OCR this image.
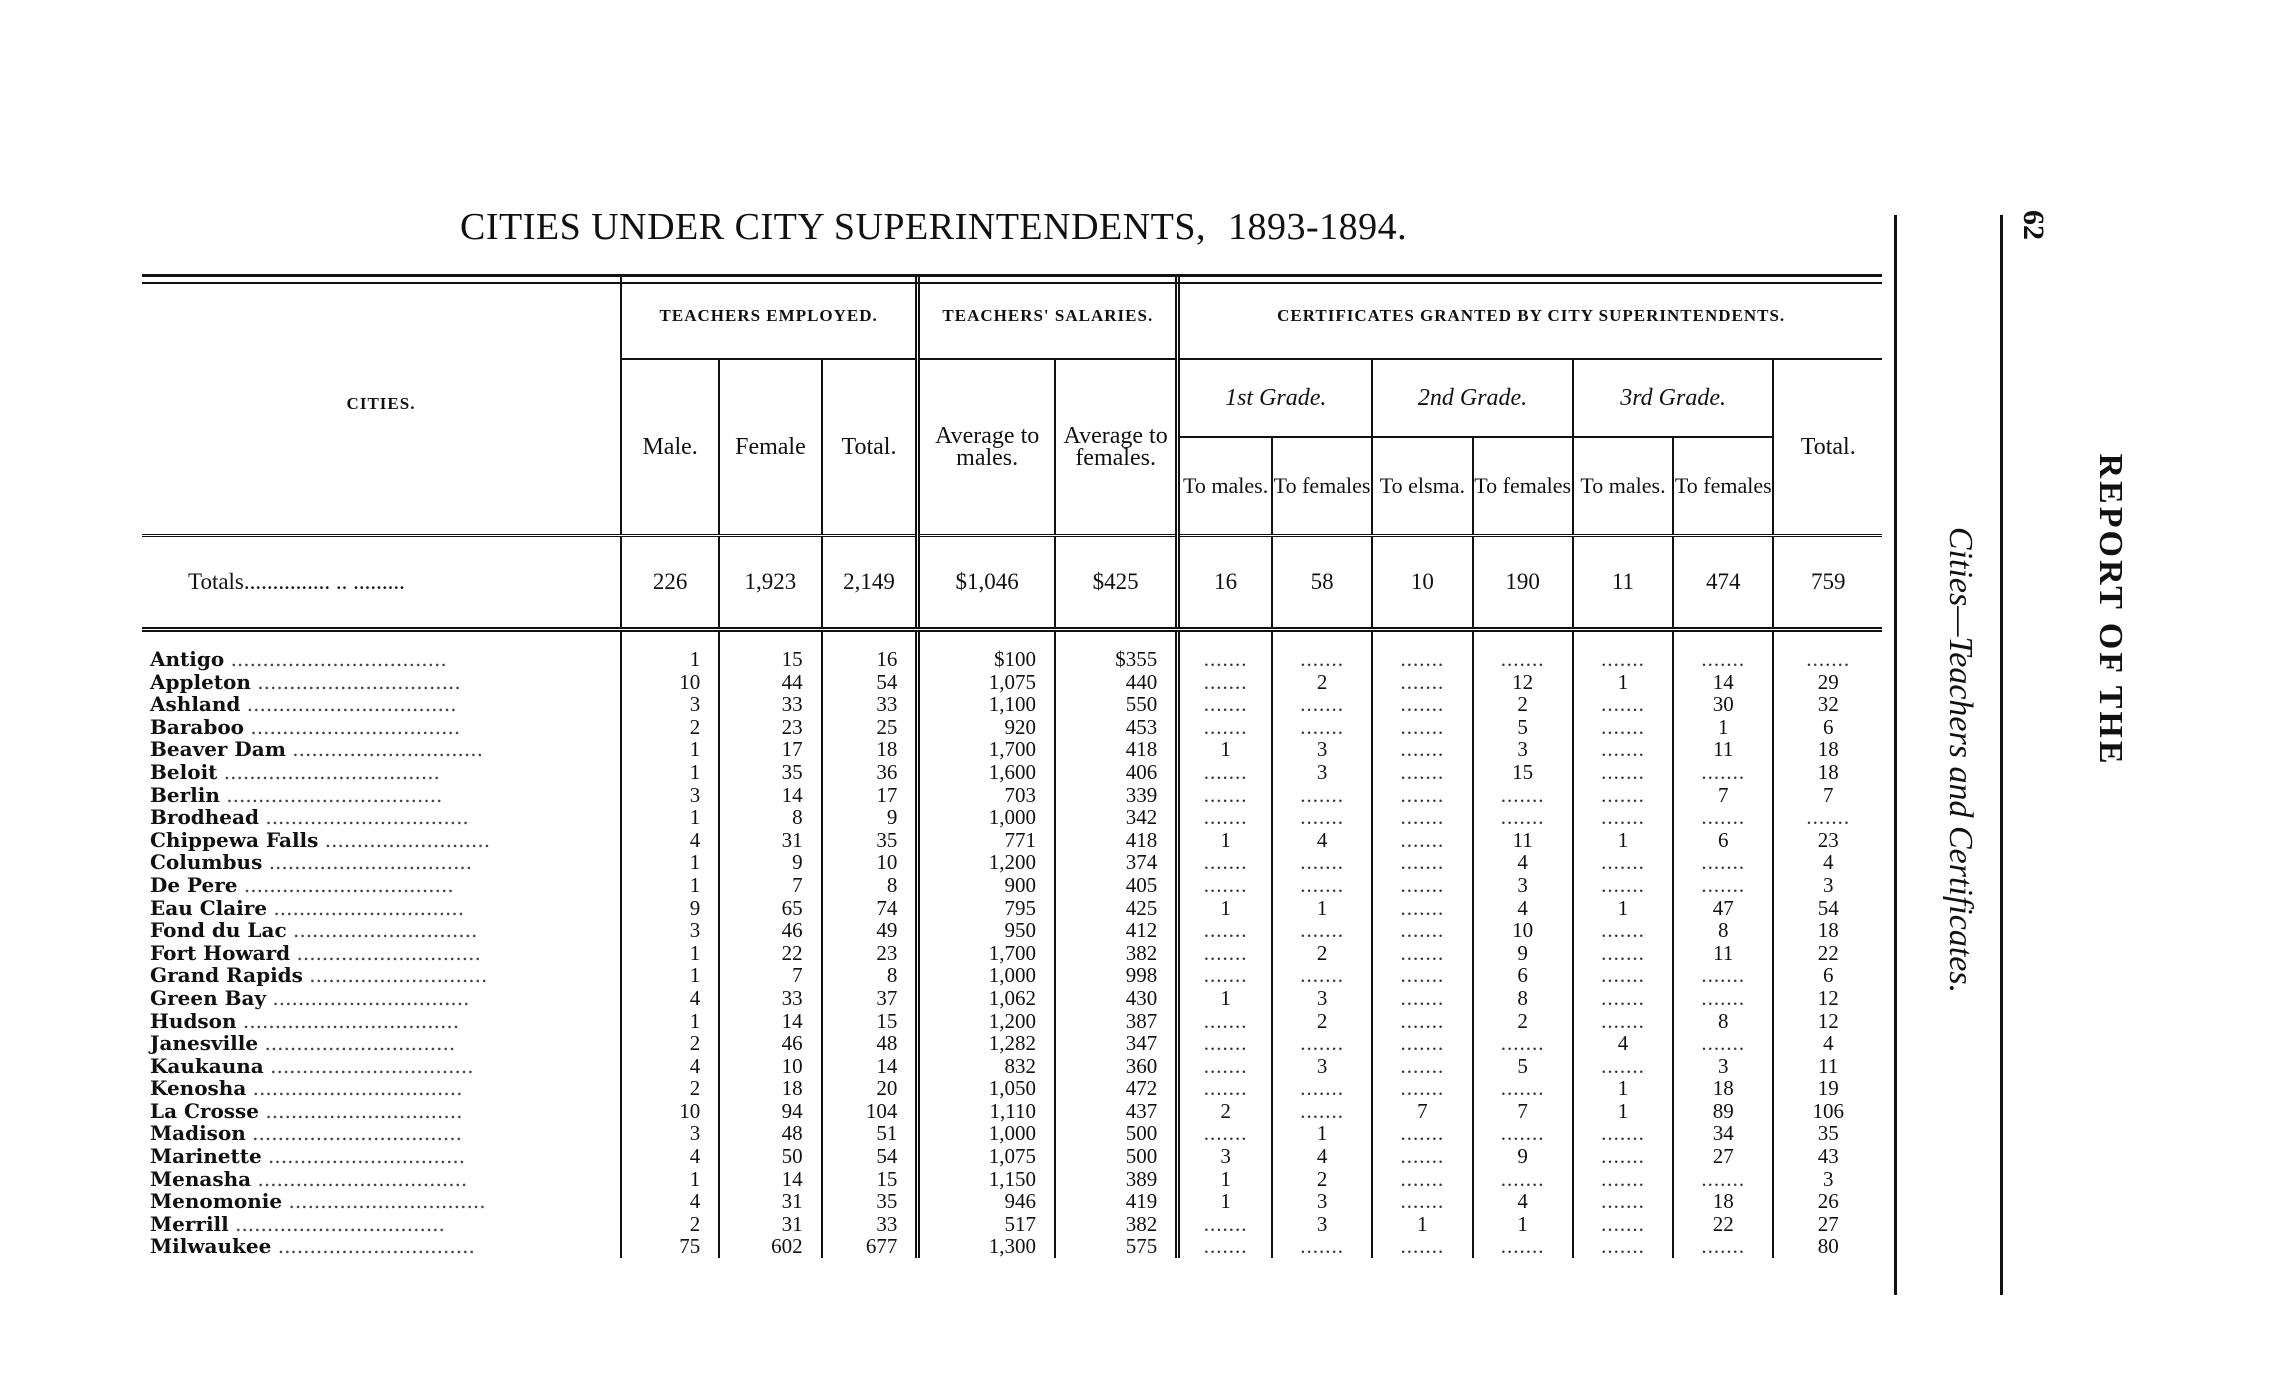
CITIES UNDER CITY SUPERINTENDENTS, 1893-1894.	62
REPORT OF THE
Cities—Teachers and Certificates.
CITIES.	TEACHERS EMPLOYED.			TEACHERS' SALARIES.		CERTIFICATES GRANTED BY CITY SUPERINTENDENTS.						
	Male.	Female	Total.	Average to males.	Average to females.	1st Grade.		2nd Grade.		3rd Grade.		Total.
						To males.	To females	To elsma.	To females	To males.	To females	
Totals............... .. .........	226	1,923	2,149	$1,046	$425	16	58	10	190	11	474	759
Antigo ..................................	1	15	16	$100	$355	.......	.......	.......	.......	.......	.......	.......
Appleton ................................	10	44	54	1,075	440	.......	2	.......	12	1	14	29
Ashland .................................	3	33	33	1,100	550	.......	.......	.......	2	.......	30	32
Baraboo .................................	2	23	25	920	453	.......	.......	.......	5	.......	1	6
Beaver Dam ..............................	1	17	18	1,700	418	1	3	.......	3	.......	11	18
Beloit ..................................	1	35	36	1,600	406	.......	3	.......	15	.......	.......	18
Berlin ..................................	3	14	17	703	339	.......	.......	.......	.......	.......	7	7
Brodhead ................................	1	8	9	1,000	342	.......	.......	.......	.......	.......	.......	.......
Chippewa Falls ..........................	4	31	35	771	418	1	4	.......	11	1	6	23
Columbus ................................	1	9	10	1,200	374	.......	.......	.......	4	.......	.......	4
De Pere .................................	1	7	8	900	405	.......	.......	.......	3	.......	.......	3
Eau Claire ..............................	9	65	74	795	425	1	1	.......	4	1	47	54
Fond du Lac .............................	3	46	49	950	412	.......	.......	.......	10	.......	8	18
Fort Howard .............................	1	22	23	1,700	382	.......	2	.......	9	.......	11	22
Grand Rapids ............................	1	7	8	1,000	998	.......	.......	.......	6	.......	.......	6
Green Bay ...............................	4	33	37	1,062	430	1	3	.......	8	.......	.......	12
Hudson ..................................	1	14	15	1,200	387	.......	2	.......	2	.......	8	12
Janesville ..............................	2	46	48	1,282	347	.......	.......	.......	.......	4	.......	4
Kaukauna ................................	4	10	14	832	360	.......	3	.......	5	.......	3	11
Kenosha .................................	2	18	20	1,050	472	.......	.......	.......	.......	1	18	19
La Crosse ...............................	10	94	104	1,110	437	2	.......	7	7	1	89	106
Madison .................................	3	48	51	1,000	500	.......	1	.......	.......	.......	34	35
Marinette ...............................	4	50	54	1,075	500	3	4	.......	9	.......	27	43
Menasha .................................	1	14	15	1,150	389	1	2	.......	.......	.......	.......	3
Menomonie ...............................	4	31	35	946	419	1	3	.......	4	.......	18	26
Merrill .................................	2	31	33	517	382	.......	3	1	1	.......	22	27
Milwaukee ...............................	75	602	677	1,300	575	.......	.......	.......	.......	.......	.......	80
